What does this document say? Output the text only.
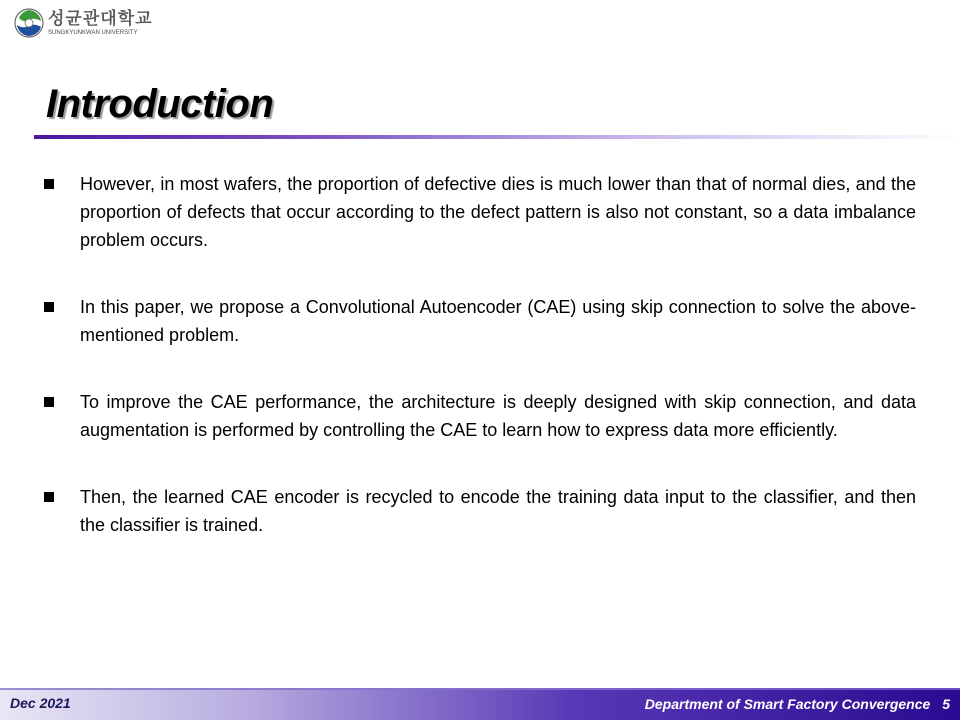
성균관대학교
SUNGKYUNKWAN UNIVERSITY
Introduction
However, in most wafers, the proportion of defective dies is much lower than that of normal dies, and the proportion of defects that occur according to the defect pattern is also not constant, so a data imbalance problem occurs.
In this paper, we propose a Convolutional Autoencoder (CAE) using skip connection to solve the above-mentioned problem.
To improve the CAE performance, the architecture is deeply designed with skip connection, and data augmentation is performed by controlling the CAE to learn how to express data more efficiently.
Then, the learned CAE encoder is recycled to encode the training data input to the classifier, and then the classifier is trained.
Dec 2021	Department of Smart Factory Convergence 5
